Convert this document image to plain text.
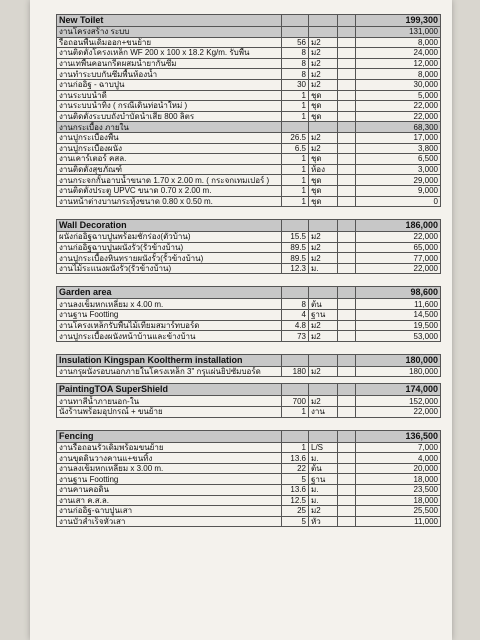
New Toilet				199,300
งานโครงสร้าง ระบบ				131,000
รื้อถอนพื้นเดิมออก+ขนย้าย	56	ม2		8,000
งานติดตั้งโครงเหล็ก WF 200 x 100 x 18.2 Kg/m. รับพื้น	8	ม2		24,000
งานเทพื้นคอนกรีตผสมน้ำยากันซึม	8	ม2		12,000
งานทำระบบกันซึมพื้นห้องน้ำ	8	ม2		8,000
งานก่ออิฐ - ฉาบปูน	30	ม2		30,000
งานระบบน้ำดี	1	ชุด		5,000
งานระบบน้ำทิ้ง ( กรณีเดินท่อน้ำใหม่ )	1	ชุด		22,000
งานติดตั้งระบบถังบำบัดน้ำเสีย 800 ลิตร	1	ชุด		22,000
งานกระเบื้อง ภายใน				68,300
งานปูกระเบื้องพื้น	26.5	ม2		17,000
งานปูกระเบื้องผนัง	6.5	ม2		3,800
งานเคาร์เตอร์ คสล.	1	ชุด		6,500
งานติดตั้งสุขภัณฑ์	1	ห้อง		3,000
งานกระจกกั้นอาบน้ำขนาด 1.70 x 2.00 m. ( กระจกเทมเปอร์ )	1	ชุด		29,000
งานติดตั้งประตู UPVC ขนาด 0.70 x 2.00 m.	1	ชุด		9,000
งานหน้าต่างบานกระทุ้งขนาด 0.80 x 0.50 m.	1	ชุด		0

Wall Decoration				186,000
ผนังก่ออิฐฉาบปูนพร้อมชักร่อง(ตัวบ้าน)	15.5	ม2		22,000
งานก่ออิฐฉาบปูนผนังรั้ว(รั้วข้างบ้าน)	89.5	ม2		65,000
งานปูกระเบื้องหินทรายผนังรั้ว(รั้วข้างบ้าน)	89.5	ม2		77,000
งานไม้ระแนงผนังรั้ว(รั้วข้างบ้าน)	12.3	ม.		22,000

Garden area				98,600
งานลงเข็มหกเหลี่ยม x 4.00 m.	8	ต้น		11,600
งานฐาน Footting	4	ฐาน		14,500
งานโครงเหล็กรับพื้นไม้เทียมสมาร์ทบอร์ด	4.8	ม2		19,500
งานปูกระเบื้องผนังหน้าบ้านและข้างบ้าน	73	ม2		53,000

Insulation Kingspan Kooltherm installation				180,000
งานกรุผนังรอบนอกภายในโครงเหล็ก 3" กรุแผ่นยิปซั่มบอร์ด	180	ม2		180,000

PaintingTOA SuperShield				174,000
งานทาสีน้ำภายนอก-ใน	700	ม2		152,000
นั่งร้านพร้อมอุปกรณ์ + ขนย้าย	1	งาน		22,000

Fencing				136,500
งานรื้อถอนรั้วเดิมพร้อมขนย้าย	1	L/S		7,000
งานขุดดินวางคานแ+ขนทิ้ง	13.6	ม.		4,000
งานลงเข็มหกเหลี่ยม x 3.00 m.	22	ต้น		20,000
งานฐาน Footting	5	ฐาน		18,000
งานคานคอดิน	13.6	ม.		23,500
งานเสา ค.ส.ล.	12.5	ม.		18,000
งานก่ออิฐ-ฉาบปูนเสา	25	ม2		25,500
งานบัวสำเร็จหัวเสา	5	หัว		11,000
